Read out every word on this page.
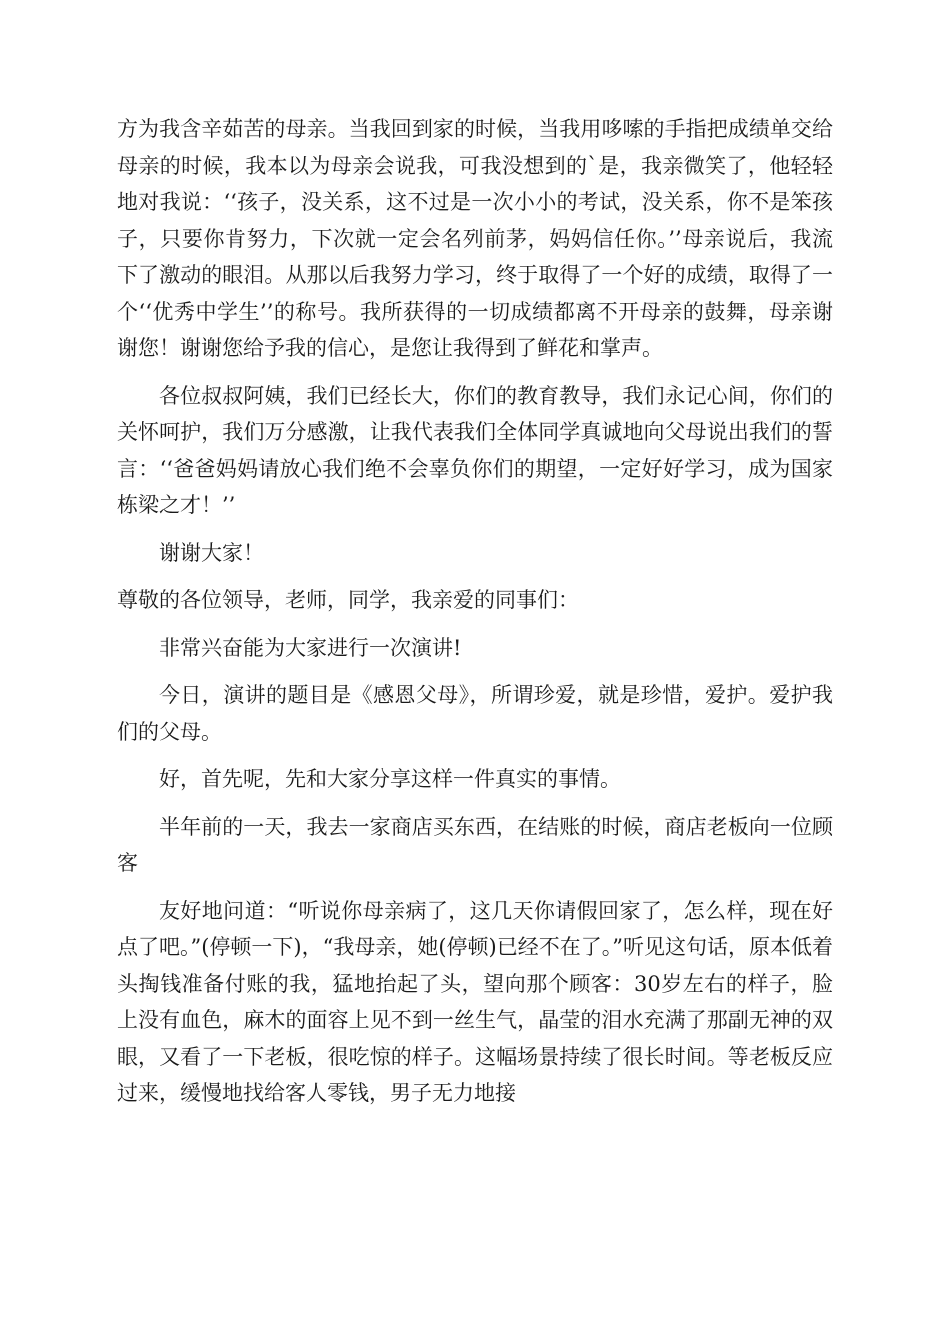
方为我含辛茹苦的母亲。当我回到家的时候，当我用哆嗦的手指把成绩单交给母亲的时候，我本以为母亲会说我，可我没想到的`是，我亲微笑了，他轻轻地对我说：‘‘孩子，没关系，这不过是一次小小的考试，没关系，你不是笨孩子，只要你肯努力，下次就一定会名列前茅，妈妈信任你。’’母亲说后，我流下了激动的眼泪。从那以后我努力学习，终于取得了一个好的成绩，取得了一个‘‘优秀中学生’’的称号。我所获得的一切成绩都离不开母亲的鼓舞，母亲谢谢您！谢谢您给予我的信心，是您让我得到了鲜花和掌声。

各位叔叔阿姨，我们已经长大，你们的教育教导，我们永记心间，你们的关怀呵护，我们万分感激，让我代表我们全体同学真诚地向父母说出我们的誓言：‘‘爸爸妈妈请放心我们绝不会辜负你们的期望，一定好好学习，成为国家栋梁之才！’’

谢谢大家！

尊敬的各位领导，老师，同学，我亲爱的同事们：

非常兴奋能为大家进行一次演讲!

今日，演讲的题目是《感恩父母》，所谓珍爱，就是珍惜，爱护。爱护我们的父母。

好，首先呢，先和大家分享这样一件真实的事情。

半年前的一天，我去一家商店买东西，在结账的时候，商店老板向一位顾客

友好地问道：“听说你母亲病了，这几天你请假回家了，怎么样，现在好点了吧。”(停顿一下)，“我母亲，她(停顿)已经不在了。”听见这句话，原本低着头掏钱准备付账的我，猛地抬起了头，望向那个顾客：30岁左右的样子，脸上没有血色，麻木的面容上见不到一丝生气，晶莹的泪水充满了那副无神的双眼，又看了一下老板，很吃惊的样子。这幅场景持续了很长时间。等老板反应过来，缓慢地找给客人零钱，男子无力地接
